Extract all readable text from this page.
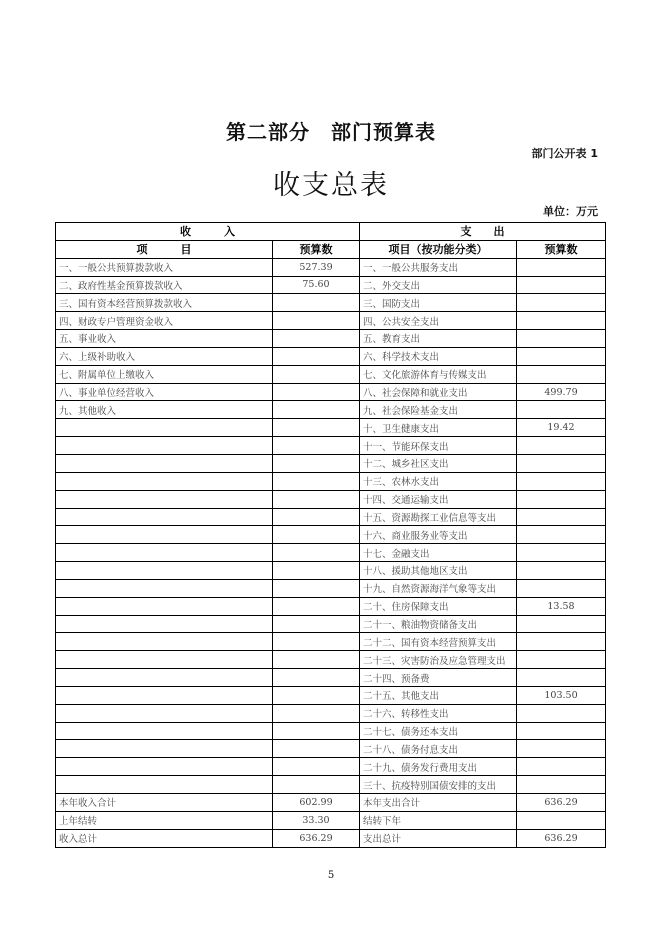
第二部分　部门预算表
部门公开表 1
收支总表
单位：万元
收　　　入		支　　出	
项　　　目	预算数	项目（按功能分类）	预算数
一、一般公共预算拨款收入	527.39	一、一般公共服务支出	
二、政府性基金预算拨款收入	75.60	二、外交支出	
三、国有资本经营预算拨款收入		三、国防支出	
四、财政专户管理资金收入		四、公共安全支出	
五、事业收入		五、教育支出	
六、上级补助收入		六、科学技术支出	
七、附属单位上缴收入		七、文化旅游体育与传媒支出	
八、事业单位经营收入		八、社会保障和就业支出	499.79
九、其他收入		九、社会保险基金支出	
		十、卫生健康支出	19.42
		十一、节能环保支出	
		十二、城乡社区支出	
		十三、农林水支出	
		十四、交通运输支出	
		十五、资源勘探工业信息等支出	
		十六、商业服务业等支出	
		十七、金融支出	
		十八、援助其他地区支出	
		十九、自然资源海洋气象等支出	
		二十、住房保障支出	13.58
		二十一、粮油物资储备支出	
		二十二、国有资本经营预算支出	
		二十三、灾害防治及应急管理支出	
		二十四、预备费	
		二十五、其他支出	103.50
		二十六、转移性支出	
		二十七、债务还本支出	
		二十八、债务付息支出	
		二十九、债务发行费用支出	
		三十、抗疫特别国债安排的支出	
本年收入合计	602.99	本年支出合计	636.29
上年结转	33.30	结转下年	
收入总计	636.29	支出总计	636.29
5
